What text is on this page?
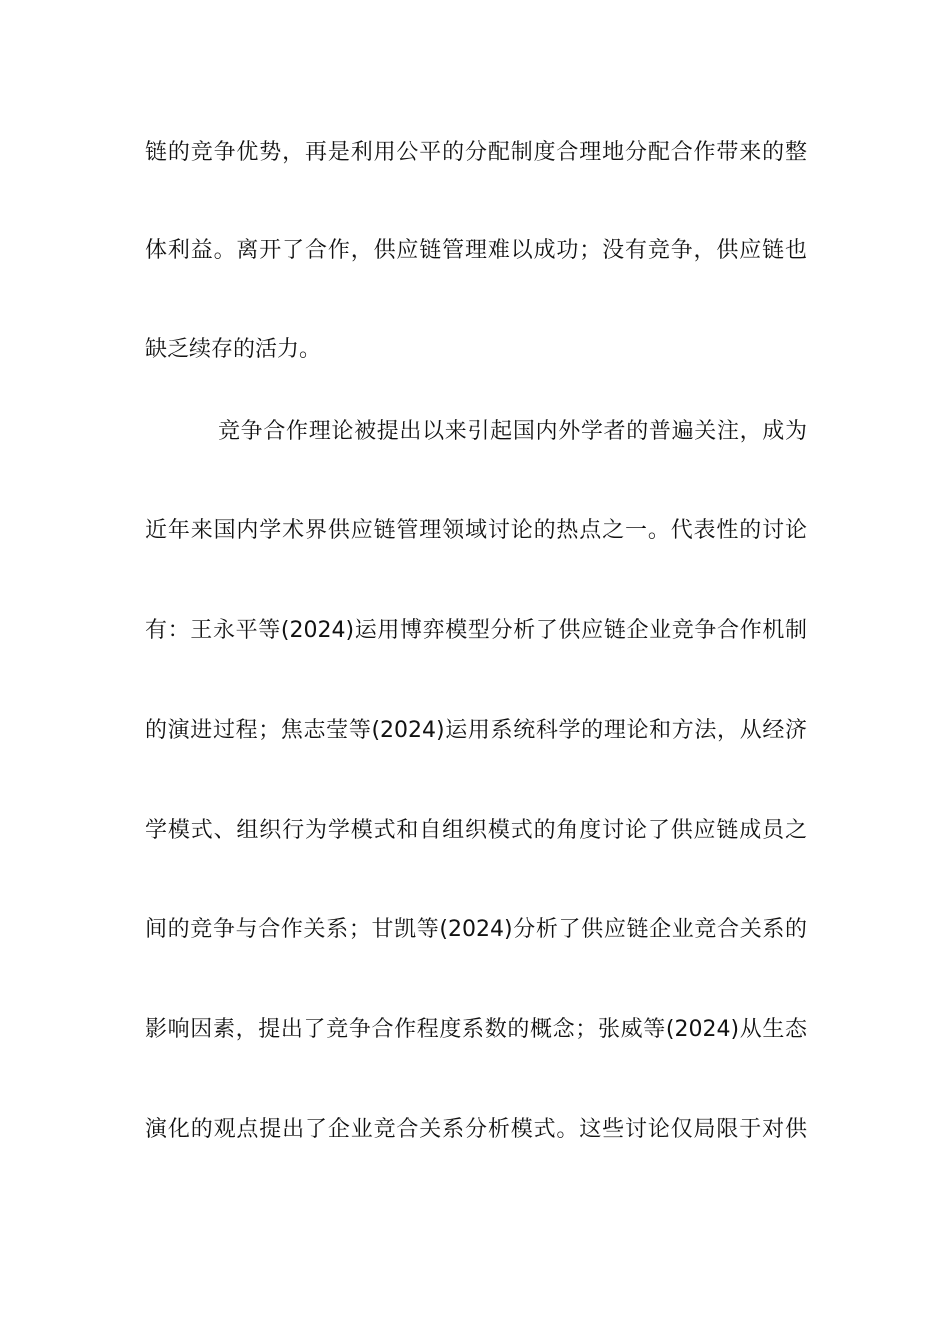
链的竞争优势，再是利用公平的分配制度合理地分配合作带来的整
体利益。离开了合作，供应链管理难以成功；没有竞争，供应链也
缺乏续存的活力。
竞争合作理论被提出以来引起国内外学者的普遍关注，成为
近年来国内学术界供应链管理领域讨论的热点之一。代表性的讨论
有：王永平等(2024)运用博弈模型分析了供应链企业竞争合作机制
的演进过程；焦志莹等(2024)运用系统科学的理论和方法，从经济
学模式、组织行为学模式和自组织模式的角度讨论了供应链成员之
间的竞争与合作关系；甘凯等(2024)分析了供应链企业竞合关系的
影响因素，提出了竞争合作程度系数的概念；张威等(2024)从生态
演化的观点提出了企业竞合关系分析模式。这些讨论仅局限于对供
